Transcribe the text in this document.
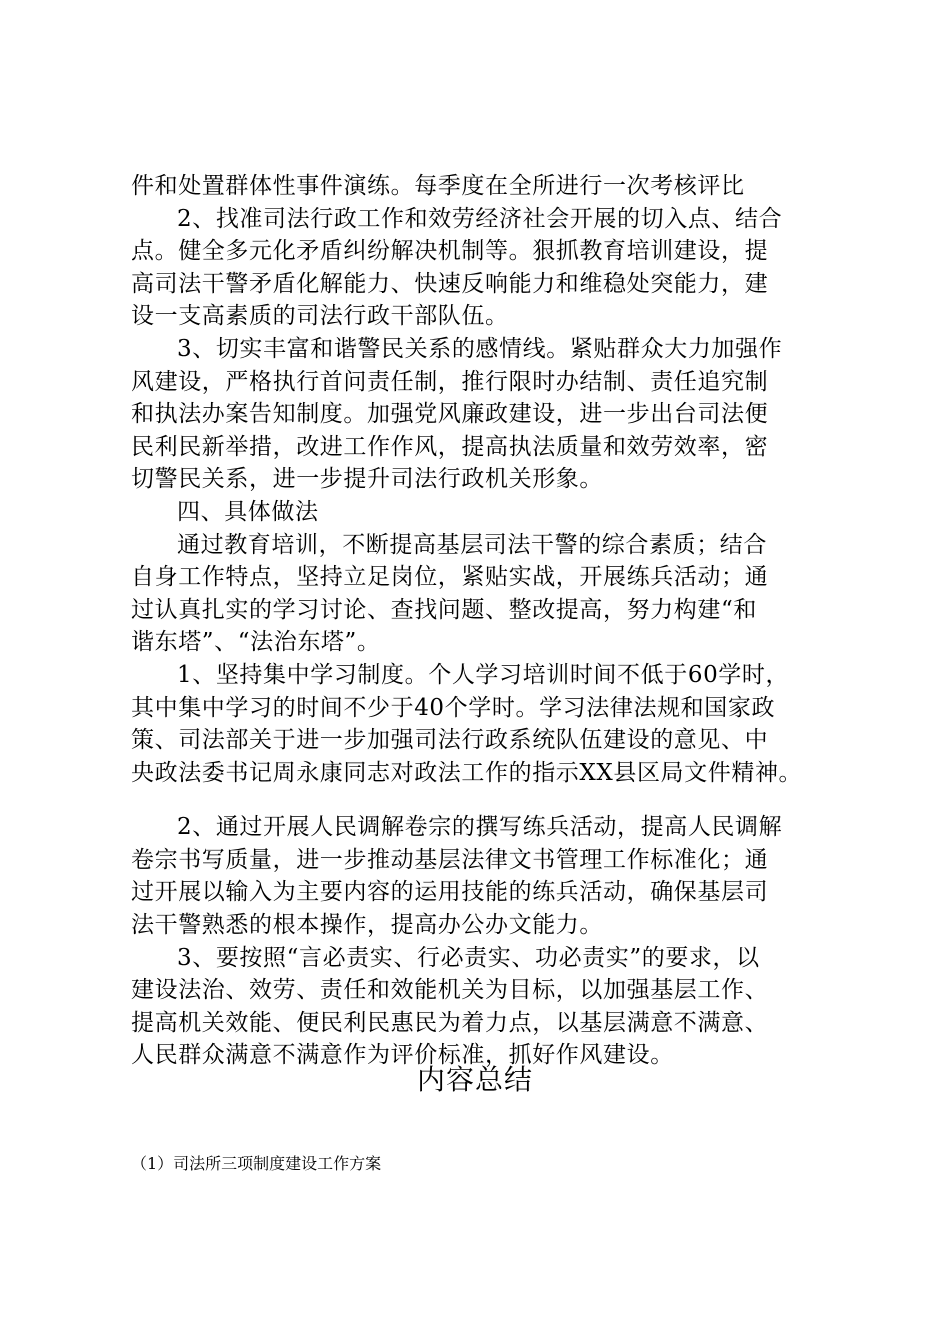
件和处置群体性事件演练。每季度在全所进行一次考核评比
2、找准司法行政工作和效劳经济社会开展的切入点、结合
点。健全多元化矛盾纠纷解决机制等。狠抓教育培训建设，提
高司法干警矛盾化解能力、快速反响能力和维稳处突能力，建
设一支高素质的司法行政干部队伍。
3、切实丰富和谐警民关系的感情线。紧贴群众大力加强作
风建设，严格执行首问责任制，推行限时办结制、责任追究制
和执法办案告知制度。加强党风廉政建设，进一步出台司法便
民利民新举措，改进工作作风，提高执法质量和效劳效率，密
切警民关系，进一步提升司法行政机关形象。
四、具体做法
通过教育培训，不断提高基层司法干警的综合素质；结合
自身工作特点，坚持立足岗位，紧贴实战，开展练兵活动；通
过认真扎实的学习讨论、查找问题、整改提高，努力构建“和
谐东塔”、“法治东塔”。
1、坚持集中学习制度。个人学习培训时间不低于60学时，
其中集中学习的时间不少于40个学时。学习法律法规和国家政
策、司法部关于进一步加强司法行政系统队伍建设的意见、中
央政法委书记周永康同志对政法工作的指示XX县区局文件精神。
2、通过开展人民调解卷宗的撰写练兵活动，提高人民调解
卷宗书写质量，进一步推动基层法律文书管理工作标准化；通
过开展以输入为主要内容的运用技能的练兵活动，确保基层司
法干警熟悉的根本操作，提高办公办文能力。
3、要按照“言必责实、行必责实、功必责实”的要求，以
建设法治、效劳、责任和效能机关为目标，以加强基层工作、
提高机关效能、便民利民惠民为着力点，以基层满意不满意、
人民群众满意不满意作为评价标准，抓好作风建设。
内容总结
（1）司法所三项制度建设工作方案
